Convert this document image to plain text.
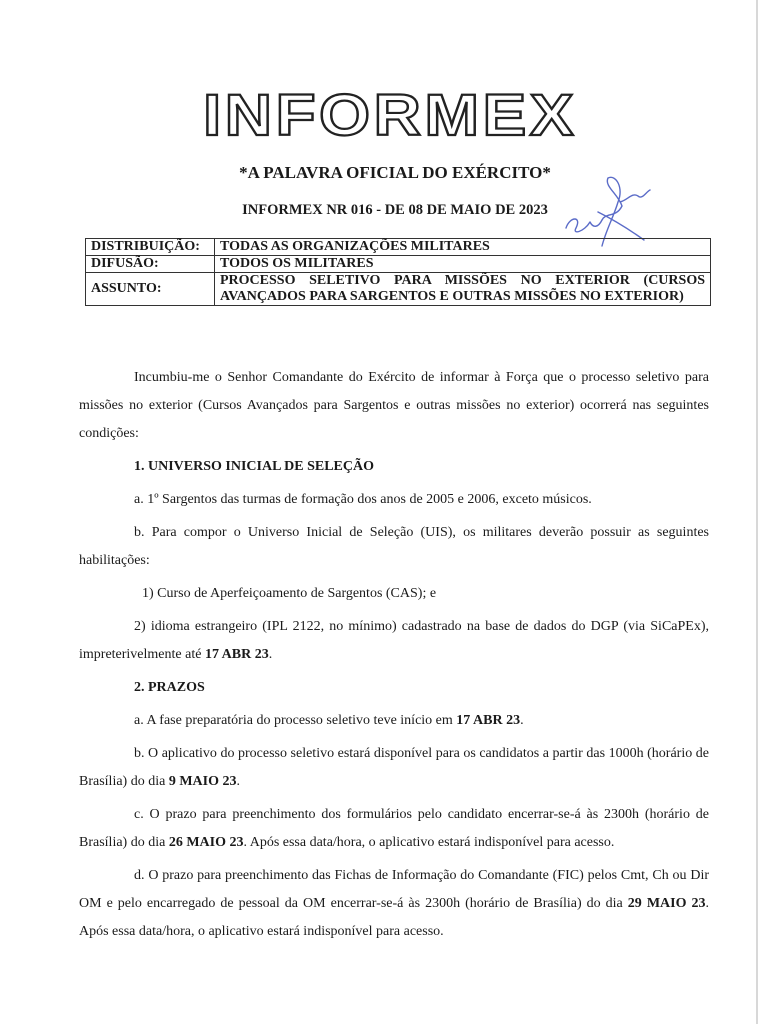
INFORMEX
*A PALAVRA OFICIAL DO EXÉRCITO*
INFORMEX NR 016 - DE 08 DE MAIO DE 2023
DISTRIBUIÇÃO:	TODAS AS ORGANIZAÇÕES MILITARES
DIFUSÃO:	TODOS OS MILITARES
ASSUNTO:	PROCESSO SELETIVO PARA MISSÕES NO EXTERIOR (CURSOS AVANÇADOS PARA SARGENTOS E OUTRAS MISSÕES NO EXTERIOR)

Incumbiu-me o Senhor Comandante do Exército de informar à Força que o processo seletivo para missões no exterior (Cursos Avançados para Sargentos e outras missões no exterior) ocorrerá nas seguintes condições:

1. UNIVERSO INICIAL DE SELEÇÃO

a. 1º Sargentos das turmas de formação dos anos de 2005 e 2006, exceto músicos.

b. Para compor o Universo Inicial de Seleção (UIS), os militares deverão possuir as seguintes habilitações:

1) Curso de Aperfeiçoamento de Sargentos (CAS); e

2) idioma estrangeiro (IPL 2122, no mínimo) cadastrado na base de dados do DGP (via SiCaPEx), impreterivelmente até 17 ABR 23.

2. PRAZOS

a. A fase preparatória do processo seletivo teve início em 17 ABR 23.

b. O aplicativo do processo seletivo estará disponível para os candidatos a partir das 1000h (horário de Brasília) do dia 9 MAIO 23.

c. O prazo para preenchimento dos formulários pelo candidato encerrar-se-á às 2300h (horário de Brasília) do dia 26 MAIO 23. Após essa data/hora, o aplicativo estará indisponível para acesso.

d. O prazo para preenchimento das Fichas de Informação do Comandante (FIC) pelos Cmt, Ch ou Dir OM e pelo encarregado de pessoal da OM encerrar-se-á às 2300h (horário de Brasília) do dia 29 MAIO 23. Após essa data/hora, o aplicativo estará indisponível para acesso.
